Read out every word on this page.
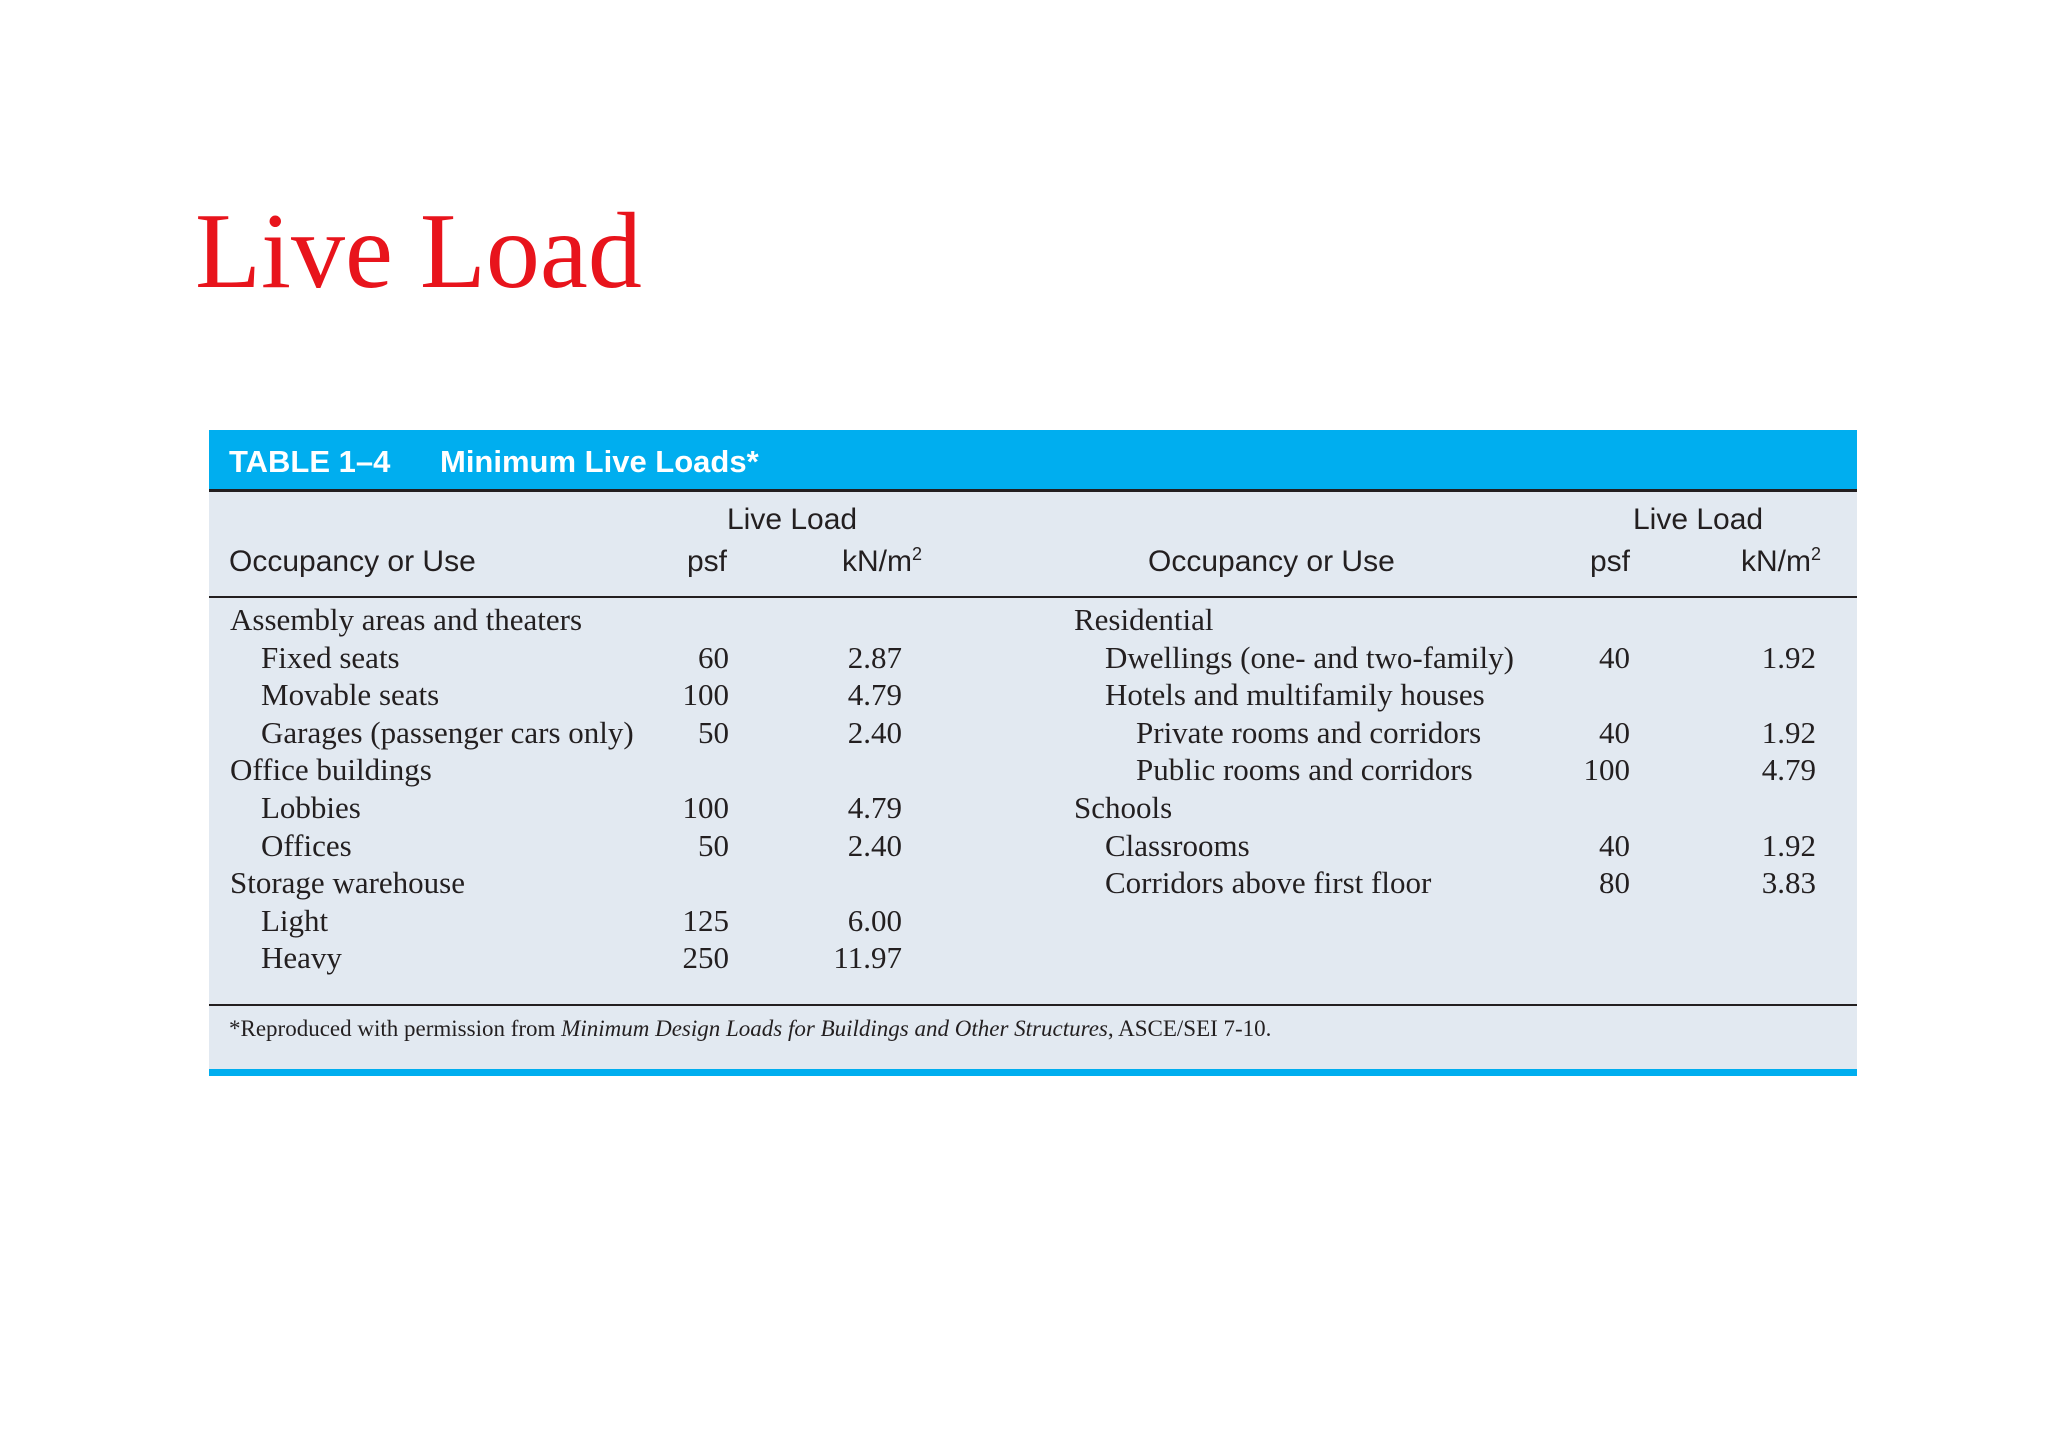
Live Load
TABLE 1–4 Minimum Live Loads*
Live Load
Occupancy or Use	psf	$kN/m^2$
Live Load
Occupancy or Use	psf	$kN/m^2$
Assembly areas and theaters
Fixed seats	60	2.87
Movable seats	100	4.79
Garages (passenger cars only)	50	2.40
Office buildings
Lobbies	100	4.79
Offices	50	2.40
Storage warehouse
Light	125	6.00
Heavy	250	11.97
Residential
Dwellings (one- and two-family)	40	1.92
Hotels and multifamily houses
Private rooms and corridors	40	1.92
Public rooms and corridors	100	4.79
Schools
Classrooms	40	1.92
Corridors above first floor	80	3.83
*Reproduced with permission from Minimum Design Loads for Buildings and Other Structures, ASCE/SEI 7-10.
